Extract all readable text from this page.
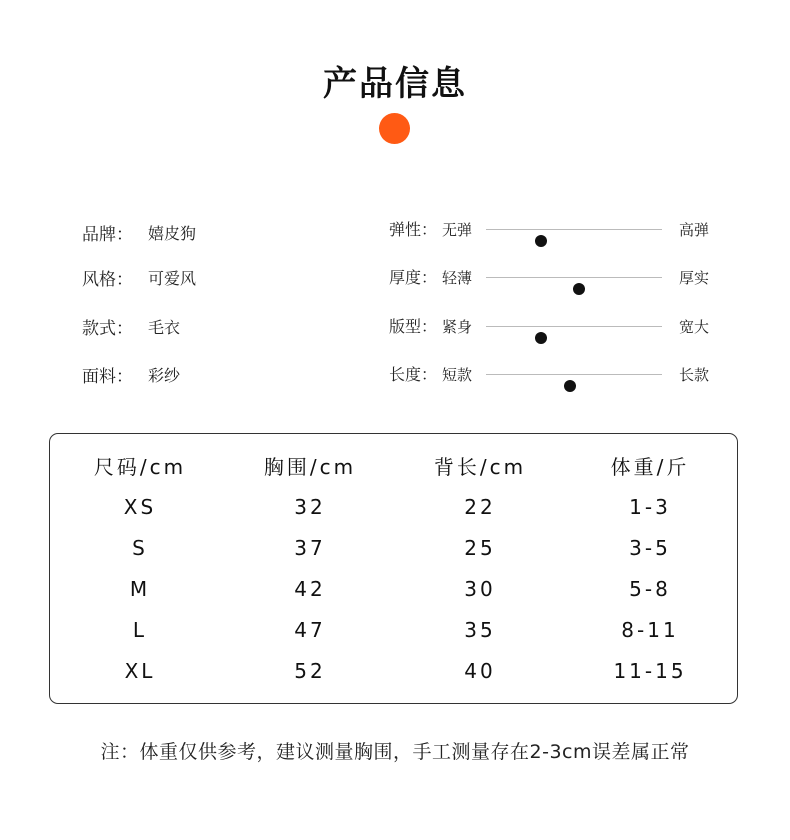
产品信息
品牌： 嬉皮狗
风格： 可爱风
款式： 毛衣
面料： 彩纱
弹性： 无弹	高弹
厚度： 轻薄	厚实
版型： 紧身	宽大
长度： 短款	长款
尺码/cm	胸围/cm	背长/cm	体重/斤
XS	32	22	1-3
S	37	25	3-5
M	42	30	5-8
L	47	35	8-11
XL	52	40	11-15
注：体重仅供参考，建议测量胸围，手工测量存在2-3cm误差属正常
